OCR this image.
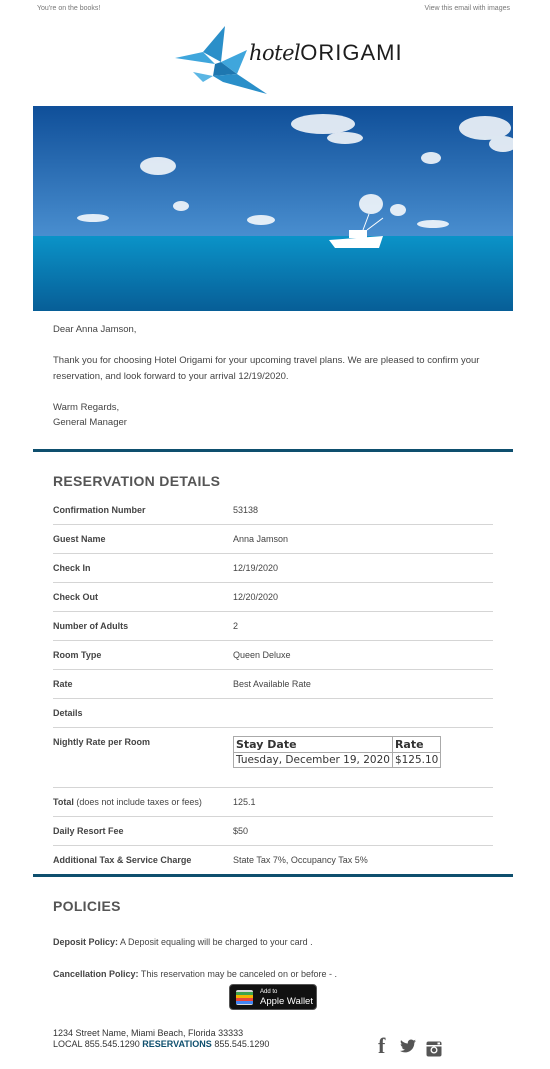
You're on the books!	View this email with images
hotelORIGAMI

Dear Anna Jamson,

Thank you for choosing Hotel Origami for your upcoming travel plans. We are pleased to confirm your reservation, and look forward to your arrival 12/19/2020.

Warm Regards,
General Manager
RESERVATION DETAILS
Confirmation Number	53138
Guest Name	Anna Jamson
Check In	12/19/2020
Check Out	12/20/2020
Number of Adults	2
Room Type	Queen Deluxe
Rate	Best Available Rate
Details
Nightly Rate per Room	Stay Date	Rate
Tuesday, December 19, 2020	$125.10
Total (does not include taxes or fees)	125.1
Daily Resort Fee	$50
Additional Tax & Service Charge	State Tax 7%, Occupancy Tax 5%
POLICIES
Deposit Policy: A Deposit equaling will be charged to your card .
Cancellation Policy: This reservation may be canceled on or before - .
Add to
Apple Wallet
1234 Street Name, Miami Beach, Florida 33333
LOCAL 855.545.1290 RESERVATIONS 855.545.1290	f
